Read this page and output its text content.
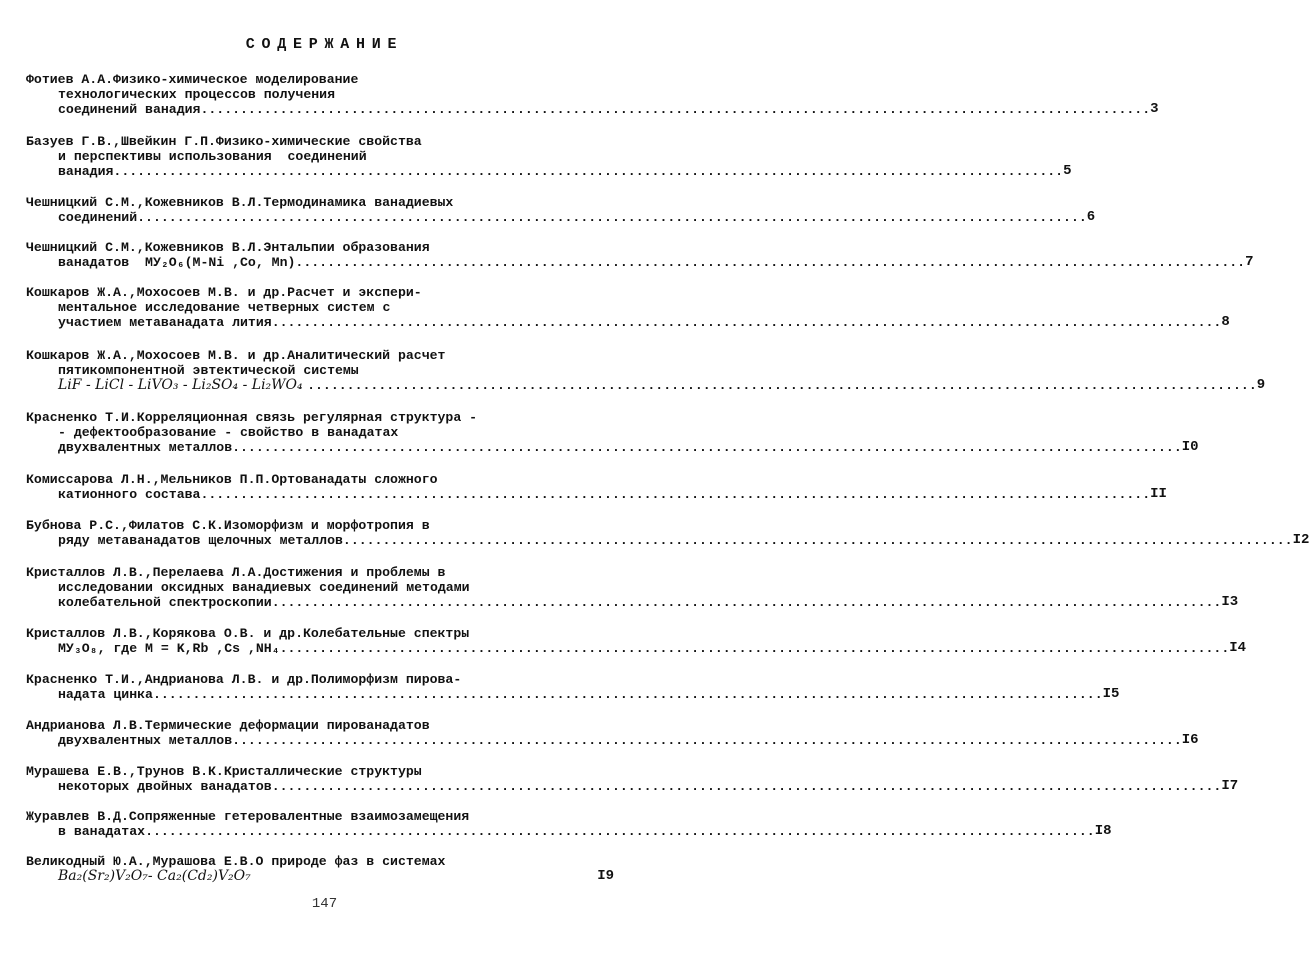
СОДЕРЖАНИЕ
Фотиев А.А.Физико-химическое моделирование
технологических процессов получения
соединений ванадия ........................................................................................................................ 3
Базуев Г.В.,Швейкин Г.П.Физико-химические свойства
и перспективы использования  соединений
ванадия ........................................................................................................................ 5
Чешницкий С.М.,Кожевников В.Л.Термодинамика ванадиевых
соединений ........................................................................................................................ 6
Чешницкий С.М.,Кожевников В.Л.Энтальпии образования
ванадатов  MУ₂O₆(M-Ni ,Co, Mn) ........................................................................................................................ 7
Кошкаров Ж.А.,Мохосоев М.В. и др.Расчет и экспери-
ментальное исследование четверных систем с
участием метаванадата лития ........................................................................................................................ 8
Кошкаров Ж.А.,Мохосоев М.В. и др.Аналитический расчет
пятикомпонентной эвтектической системы
LiF - LiCl - LiVO₃ - Li₂SO₄ - Li₂WO₄ ........................................................................................................................ 9
Красненко Т.И.Корреляционная связь регулярная структура -
- дефектообразование - свойство в ванадатах
двухвалентных металлов ........................................................................................................................ I0
Комиссарова Л.Н.,Мельников П.П.Ортованадаты сложного
катионного состава ........................................................................................................................ II
Бубнова Р.С.,Филатов С.К.Изоморфизм и морфотропия в
ряду метаванадатов щелочных металлов ........................................................................................................................ I2
Кристаллов Л.В.,Перелаева Л.А.Достижения и проблемы в
исследовании оксидных ванадиевых соединений методами
колебательной спектроскопии ........................................................................................................................ I3
Кристаллов Л.В.,Корякова О.В. и др.Колебательные спектры
MУ₃O₈, где M = K,Rb ,Cs ,NH₄ ........................................................................................................................ I4
Красненко Т.И.,Андрианова Л.В. и др.Полиморфизм пирова-
надата цинка ........................................................................................................................ I5
Андрианова Л.В.Термические деформации пированадатов
двухвалентных металлов ........................................................................................................................ I6
Мурашева Е.В.,Трунов В.К.Кристаллические структуры
некоторых двойных ванадатов ........................................................................................................................ I7
Журавлев В.Д.Сопряженные гетеровалентные взаимозамещения
в ванадатах ........................................................................................................................ I8
Великодный Ю.А.,Мурашова Е.В.О природе фаз в системах
Ba₂(Sr₂)V₂O₇- Ca₂(Cd₂)V₂O₇	I9
147
